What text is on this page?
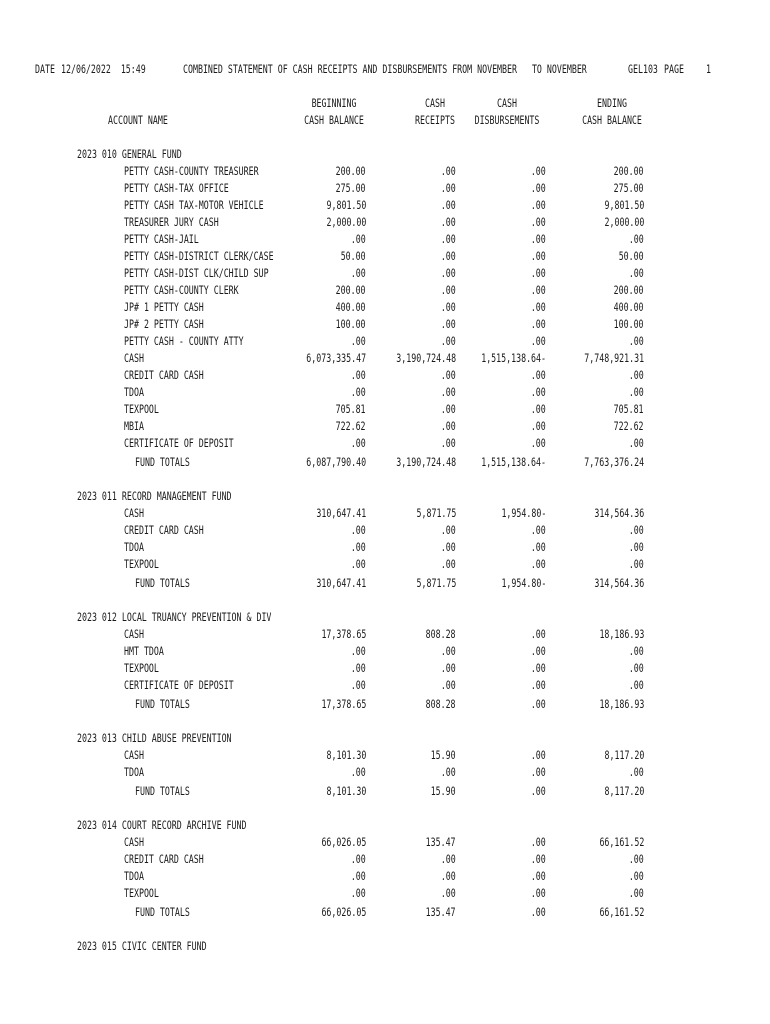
DATE 12/06/2022  15:49	COMBINED STATEMENT OF CASH RECEIPTS AND DISBURSEMENTS FROM NOVEMBER   TO NOVEMBER	GEL103 PAGE 1
ACCOUNT NAME
BEGINNING
CASH BALANCE
CASH
RECEIPTS
CASH
DISBURSEMENTS
ENDING
CASH BALANCE
2023 010 GENERAL FUND
PETTY CASH-COUNTY TREASURER	200.00	.00	.00	200.00
PETTY CASH-TAX OFFICE	275.00	.00	.00	275.00
PETTY CASH TAX-MOTOR VEHICLE	9,801.50	.00	.00	9,801.50
TREASURER JURY CASH	2,000.00	.00	.00	2,000.00
PETTY CASH-JAIL	.00	.00	.00	.00
PETTY CASH-DISTRICT CLERK/CASE	50.00	.00	.00	50.00
PETTY CASH-DIST CLK/CHILD SUP	.00	.00	.00	.00
PETTY CASH-COUNTY CLERK	200.00	.00	.00	200.00
JP# 1 PETTY CASH	400.00	.00	.00	400.00
JP# 2 PETTY CASH	100.00	.00	.00	100.00
PETTY CASH - COUNTY ATTY	.00	.00	.00	.00
CASH	6,073,335.47	3,190,724.48 1,515,138.64-	7,748,921.31
CREDIT CARD CASH	.00	.00	.00	.00
TDOA	.00	.00	.00	.00
TEXPOOL	705.81	.00	.00	705.81
MBIA	722.62	.00	.00	722.62
CERTIFICATE OF DEPOSIT	.00	.00	.00	.00
FUND TOTALS	6,087,790.40	3,190,724.48 1,515,138.64-	7,763,376.24
2023 011 RECORD MANAGEMENT FUND
CASH	310,647.41	5,871.75	1,954.80-	314,564.36
CREDIT CARD CASH	.00	.00	.00	.00
TDOA	.00	.00	.00	.00
TEXPOOL	.00	.00	.00	.00
FUND TOTALS	310,647.41	5,871.75	1,954.80-	314,564.36
2023 012 LOCAL TRUANCY PREVENTION & DIV
CASH	17,378.65	808.28	.00	18,186.93
HMT TDOA	.00	.00	.00	.00
TEXPOOL	.00	.00	.00	.00
CERTIFICATE OF DEPOSIT	.00	.00	.00	.00
FUND TOTALS	17,378.65	808.28	.00	18,186.93
2023 013 CHILD ABUSE PREVENTION
CASH	8,101.30	15.90	.00	8,117.20
TDOA	.00	.00	.00	.00
FUND TOTALS	8,101.30	15.90	.00	8,117.20
2023 014 COURT RECORD ARCHIVE FUND
CASH	66,026.05	135.47	.00	66,161.52
CREDIT CARD CASH	.00	.00	.00	.00
TDOA	.00	.00	.00	.00
TEXPOOL	.00	.00	.00	.00
FUND TOTALS	66,026.05	135.47	.00	66,161.52
2023 015 CIVIC CENTER FUND
